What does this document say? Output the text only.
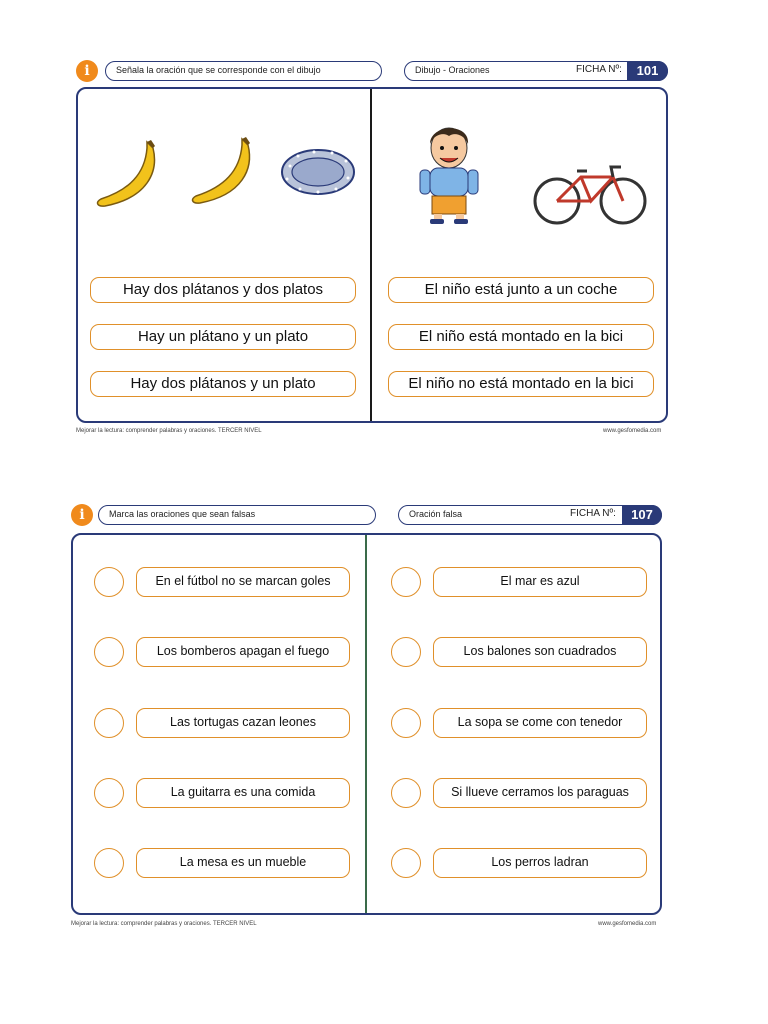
i	Señala la oración que se corresponde con el dibujo	Dibujo - Oraciones	FICHA Nº:	101
Hay dos plátanos y dos platos
Hay un plátano y un plato
Hay dos plátanos y un plato
El niño está junto a un coche
El niño está montado en la bici
El niño no está montado en la bici
Mejorar la lectura: comprender palabras y oraciones. TERCER NIVEL	www.gesfomedia.com
i	Marca las oraciones que sean falsas	Oración falsa	FICHA Nº:	107
En el fútbol no se marcan goles
Los bomberos apagan el fuego
Las tortugas cazan leones
La guitarra es una comida
La mesa es un mueble
El mar es azul
Los balones son cuadrados
La sopa se come con tenedor
Si llueve cerramos los paraguas
Los perros ladran
Mejorar la lectura: comprender palabras y oraciones. TERCER NIVEL	www.gesfomedia.com
